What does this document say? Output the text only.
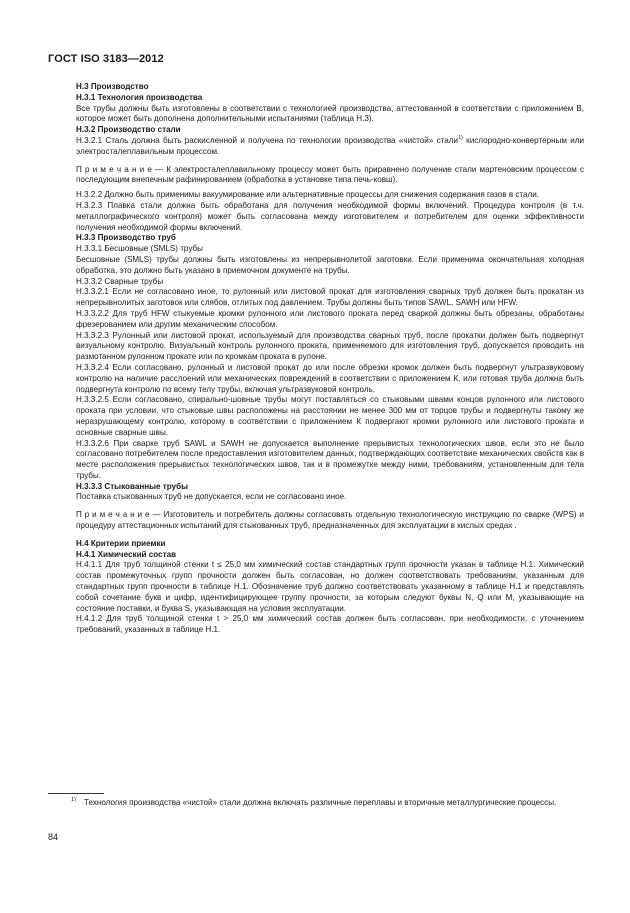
ГОСТ ISO 3183—2012
Н.3 Производство
Н.3.1 Технология производства
Все трубы должны быть изготовлены в соответствии с технологией производства, аттестованной в соответствии с приложением В, которое может быть дополнена дополнительными испытаниями (таблица Н.3).
Н.3.2 Производство стали
Н.3.2.1 Сталь должна быть раскисленной и получена по технологии производства «чистой» стали$^{1)}$ кислородно-конвертерным или электросталеплавильным процессом.
П р и м е ч а н и е — К электросталеплавильному процессу может быть приравнено получение стали мартеновским процессом с последующим внепечным рафинированием (обработка в установке типа печь-ковш).
Н.3.2.2 Должно быть применимы вакуумирование или альтернативные процессы для снижения содержания газов в стали.
Н.3.2.3 Плавка стали должна быть обработана для получения необходимой формы включений. Процедура контроля (в т.ч. металлографического контроля) может быть согласована между изготовителем и потребителем для оценки эффективности получения необходимой формы включений.
Н.3.3 Производство труб
Н.3.3.1 Бесшовные (SMLS) трубы
Бесшовные (SMLS) трубы должны быть изготовлены из непрерывнолитой заготовки. Если применима окончательная холодная обработка, это должно быть указано в приемочном документе на трубы.
Н.3.3.2 Сварные трубы
Н.3.3.2.1 Если не согласовано иное, то рулонный или листовой прокат для изготовления сварных труб должен быть прокатан из непрерывнолитых заготовок или слябов, отлитых под давлением. Трубы должны быть типов SAWL, SAWH или HFW.
Н.3.3.2.2 Для труб HFW стыкуемые кромки рулонного или листового проката перед сваркой должны быть обрезаны, обработаны фрезерованием или другим механическим способом.
Н.3.3.2.3 Рулонный или листовой прокат, используемый для производства сварных труб, после прокатки должен быть подвергнут визуальному контролю. Визуальный контроль рулонного проката, применяемого для изготовления труб, допускается проводить на размотанном рулонном прокате или по кромкам проката в рулоне.
Н.3.3.2.4 Если согласовано, рулонный и листовой прокат до или после обрезки кромок должен быть подвергнут ультразвуковому контролю на наличие расслоений или механических повреждений в соответствии с приложением К, или готовая труба должна быть подвергнута контролю по всему телу трубы, включая ультразвуковой контроль.
Н.3.3.2.5 Если согласовано, спирально-шовные трубы могут поставляться со стыковыми швами концов рулонного или листового проката при условии, что стыковые швы расположены на расстоянии не менее 300 мм от торцов трубы и подвергнуты такому же неразрушающему контролю, которому в соответствии с приложением К подвергают кромки рулонного или листового проката и основные сварные швы.
Н.3.3.2.6 При сварке труб SAWL и SAWH не допускается выполнение прерывистых технологических швов, если это не было согласовано потребителем после предоставления изготовителем данных, подтверждающих соответствие механических свойств как в месте расположения прерывистых технологических швов, так и в промежутке между ними, требованиям, установленным для тела трубы.
Н.3.3.3 Стыкованные трубы
Поставка стыкованных труб не допускается, если не согласовано иное.
П р и м е ч а н и е — Изготовитель и потребитель должны согласовать отдельную технологическую инструкцию по сварке (WPS) и процедуру аттестационных испытаний для стыкованных труб, предназначенных для эксплуатации в кислых средах .
Н.4 Критерии приемки
Н.4.1 Химический состав
Н.4.1.1 Для труб толщиной стенки t ≤ 25,0 мм химический состав стандартных групп прочности указан в таблице Н.1. Химический состав промежуточных групп прочности должен быть согласован, но должен соответствовать требованиям, указанным для стандартных групп прочности в таблице Н.1. Обозначение труб должно соответствовать указанному в таблице Н.1 и представлять собой сочетание букв и цифр, идентифицирующее группу прочности, за которым следуют буквы N, Q или M, указывающие на состояние поставки, и буква S, указывающая на условия эксплуатации.
Н.4.1.2 Для труб толщиной стенки t > 25,0 мм химический состав должен быть согласован, при необходимости, с уточнением требований, указанных в таблице Н.1.
$^{1)}$ Технология производства «чистой» стали должна включать различные переплавы и вторичные металлургические процессы.
84
